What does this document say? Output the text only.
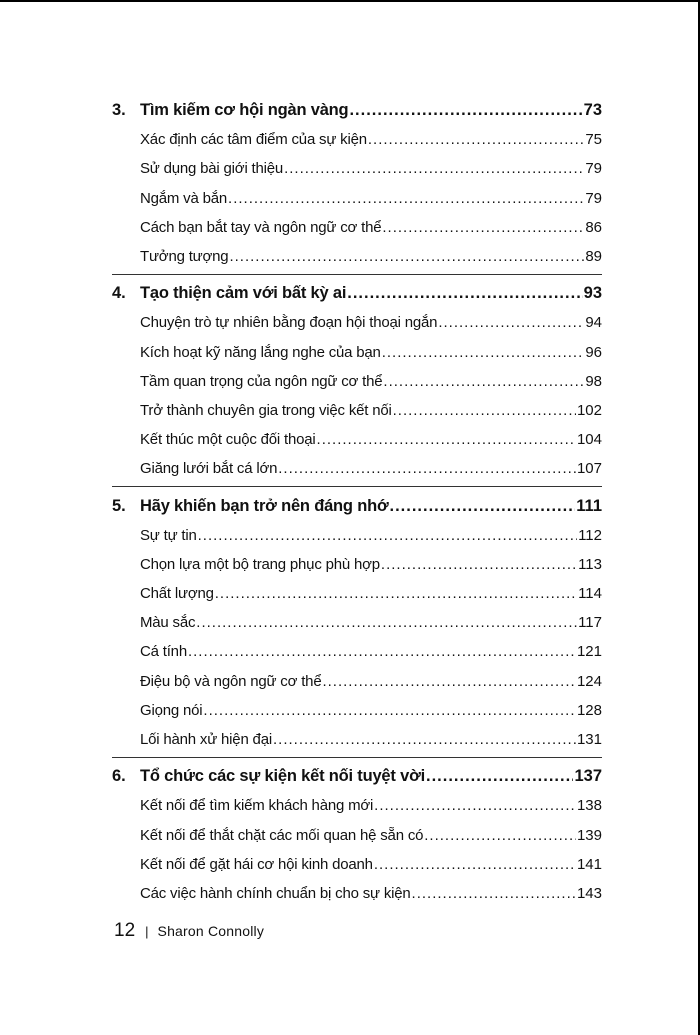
3. Tìm kiếm cơ hội ngàn vàng .....	73
Xác định các tâm điểm của sự kiện .....	75
Sử dụng bài giới thiệu .....	79
Ngắm và bắn .....	79
Cách bạn bắt tay và ngôn ngữ cơ thể .....	86
Tưởng tượng .....	89
4. Tạo thiện cảm với bất kỳ ai .....	93
Chuyện trò tự nhiên bằng đoạn hội thoại ngắn .....	94
Kích hoạt kỹ năng lắng nghe của bạn .....	96
Tầm quan trọng của ngôn ngữ cơ thể .....	98
Trở thành chuyên gia trong việc kết nối .....	102
Kết thúc một cuộc đối thoại .....	104
Giăng lưới bắt cá lớn .....	107
5. Hãy khiến bạn trở nên đáng nhớ .....	111
Sự tự tin .....	112
Chọn lựa một bộ trang phục phù hợp .....	113
Chất lượng .....	114
Màu sắc .....	117
Cá tính .....	121
Điệu bộ và ngôn ngữ cơ thể .....	124
Giọng nói .....	128
Lối hành xử hiện đại .....	131
6. Tổ chức các sự kiện kết nối tuyệt vời .....	137
Kết nối để tìm kiếm khách hàng mới .....	138
Kết nối để thắt chặt các mối quan hệ sẵn có .....	139
Kết nối để gặt hái cơ hội kinh doanh .....	141
Các việc hành chính chuẩn bị cho sự kiện .....	143
12 | Sharon Connolly
